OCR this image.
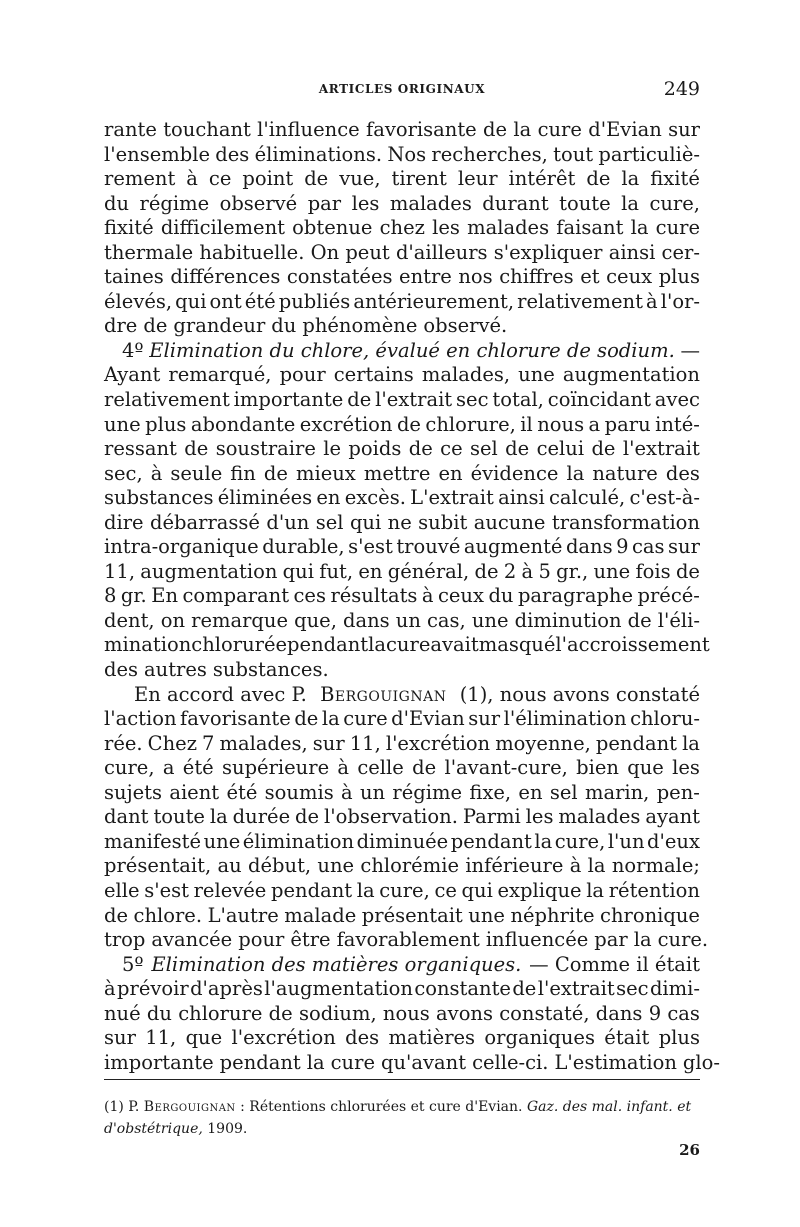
ARTICLES ORIGINAUX	249
rante touchant l'influence favorisante de la cure d'Evian sur
l'ensemble des éliminations. Nos recherches, tout particuliè-
rement à ce point de vue, tirent leur intérêt de la fixité
du régime observé par les malades durant toute la cure,
fixité difficilement obtenue chez les malades faisant la cure
thermale habituelle. On peut d'ailleurs s'expliquer ainsi cer-
taines différences constatées entre nos chiffres et ceux plus
élevés, qui ont été publiés antérieurement, relativement à l'or-
dre de grandeur du phénomène observé.
4º Elimination du chlore, évalué en chlorure de sodium. —
Ayant remarqué, pour certains malades, une augmentation
relativement importante de l'extrait sec total, coïncidant avec
une plus abondante excrétion de chlorure, il nous a paru inté-
ressant de soustraire le poids de ce sel de celui de l'extrait
sec, à seule fin de mieux mettre en évidence la nature des
substances éliminées en excès. L'extrait ainsi calculé, c'est-à-
dire débarrassé d'un sel qui ne subit aucune transformation
intra-organique durable, s'est trouvé augmenté dans 9 cas sur
11, augmentation qui fut, en général, de 2 à 5 gr., une fois de
8 gr. En comparant ces résultats à ceux du paragraphe précé-
dent, on remarque que, dans un cas, une diminution de l'éli-
mination chlorurée pendant la cure avait masqué l'accroissement
des autres substances.
En accord avec P. Bergouignan (1), nous avons constaté
l'action favorisante de la cure d'Evian sur l'élimination chloru-
rée. Chez 7 malades, sur 11, l'excrétion moyenne, pendant la
cure, a été supérieure à celle de l'avant-cure, bien que les
sujets aient été soumis à un régime fixe, en sel marin, pen-
dant toute la durée de l'observation. Parmi les malades ayant
manifesté une élimination diminuée pendant la cure, l'un d'eux
présentait, au début, une chlorémie inférieure à la normale;
elle s'est relevée pendant la cure, ce qui explique la rétention
de chlore. L'autre malade présentait une néphrite chronique
trop avancée pour être favorablement influencée par la cure.
5º Elimination des matières organiques. — Comme il était
à prévoir d'après l'augmentation constante de l'extrait sec dimi-
nué du chlorure de sodium, nous avons constaté, dans 9 cas
sur 11, que l'excrétion des matières organiques était plus
importante pendant la cure qu'avant celle-ci. L'estimation glo-
(1) P. Bergouignan : Rétentions chlorurées et cure d'Evian. Gaz. des mal. infant. et
d'obstétrique, 1909.
26
